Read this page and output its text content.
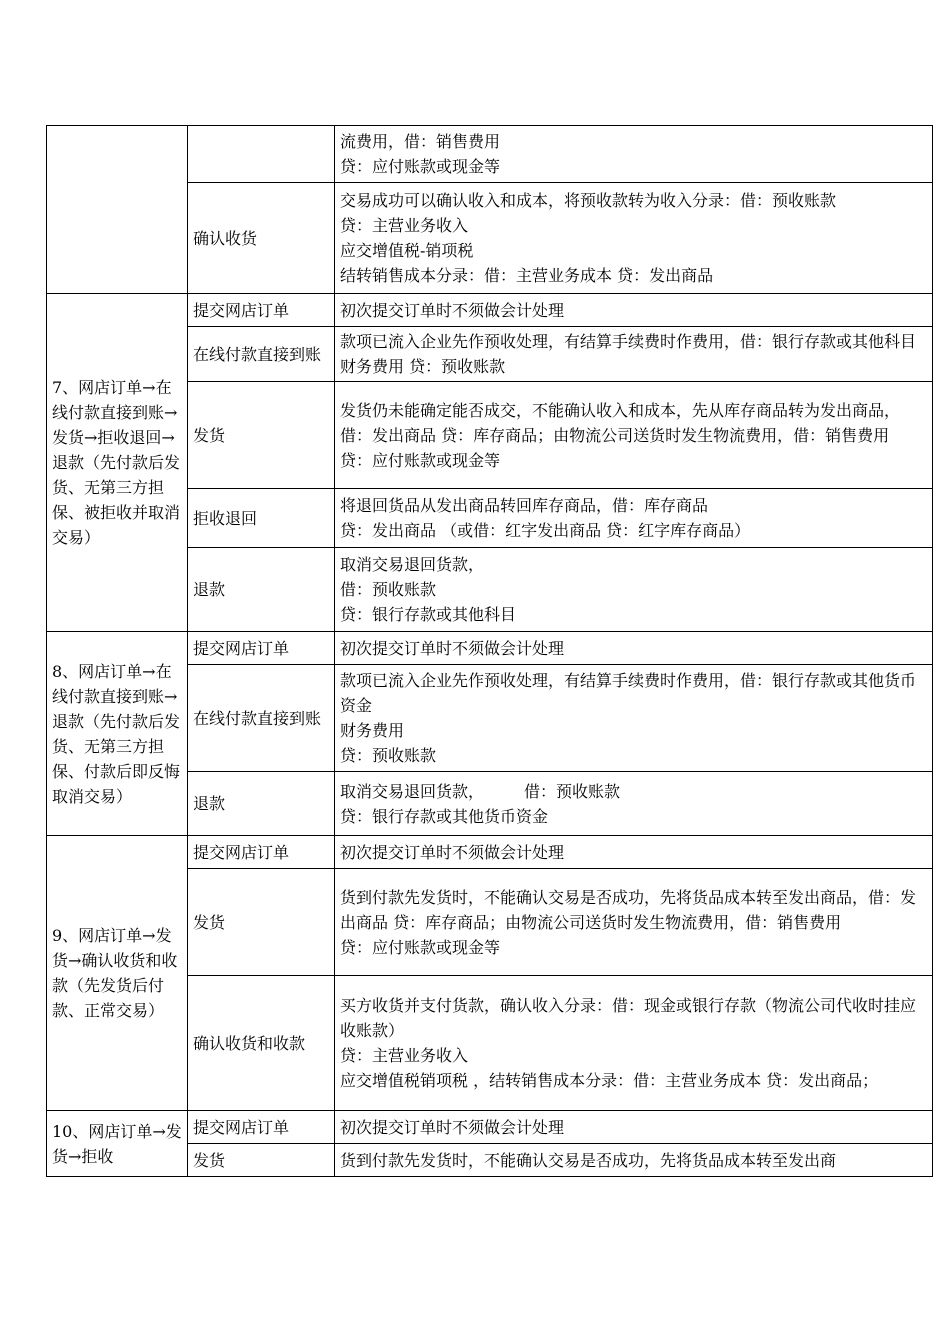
		流费用，借：销售费用
贷：应付账款或现金等

	确认收货	交易成功可以确认收入和成本，将预收款转为收入分录：借：预收账款
贷：主营业务收入
应交增值税-销项税
结转销售成本分录：借：主营业务成本 贷：发出商品

7、网店订单→在线付款直接到账→发货→拒收退回→退款（先付款后发货、无第三方担保、被拒收并取消交易）	提交网店订单	初次提交订单时不须做会计处理

	在线付款直接到账	款项已流入企业先作预收处理，有结算手续费时作费用，借：银行存款或其他科目 财务费用 贷：预收账款

	发货	发货仍未能确定能否成交，不能确认收入和成本，先从库存商品转为发出商品，借：发出商品 贷：库存商品；由物流公司送货时发生物流费用，借：销售费用
贷：应付账款或现金等

	拒收退回	将退回货品从发出商品转回库存商品，借：库存商品
贷：发出商品 （或借：红字发出商品 贷：红字库存商品）

	退款	取消交易退回货款，
借：预收账款
贷：银行存款或其他科目

8、网店订单→在线付款直接到账→退款（先付款后发货、无第三方担保、付款后即反悔取消交易）	提交网店订单	初次提交订单时不须做会计处理

	在线付款直接到账	款项已流入企业先作预收处理，有结算手续费时作费用，借：银行存款或其他货币资金
财务费用
贷：预收账款

	退款	取消交易退回货款，　　　借：预收账款
贷：银行存款或其他货币资金

9、网店订单→发货→确认收货和收款（先发货后付款、正常交易）	提交网店订单	初次提交订单时不须做会计处理

	发货	货到付款先发货时，不能确认交易是否成功，先将货品成本转至发出商品，借：发出商品 贷：库存商品；由物流公司送货时发生物流费用，借：销售费用
贷：应付账款或现金等

	确认收货和收款	买方收货并支付货款，确认收入分录：借：现金或银行存款（物流公司代收时挂应收账款）
贷：主营业务收入
应交增值税销项税 ，结转销售成本分录：借：主营业务成本 贷：发出商品；

10、网店订单→发货→拒收	提交网店订单	初次提交订单时不须做会计处理

	发货	货到付款先发货时，不能确认交易是否成功，先将货品成本转至发出商
